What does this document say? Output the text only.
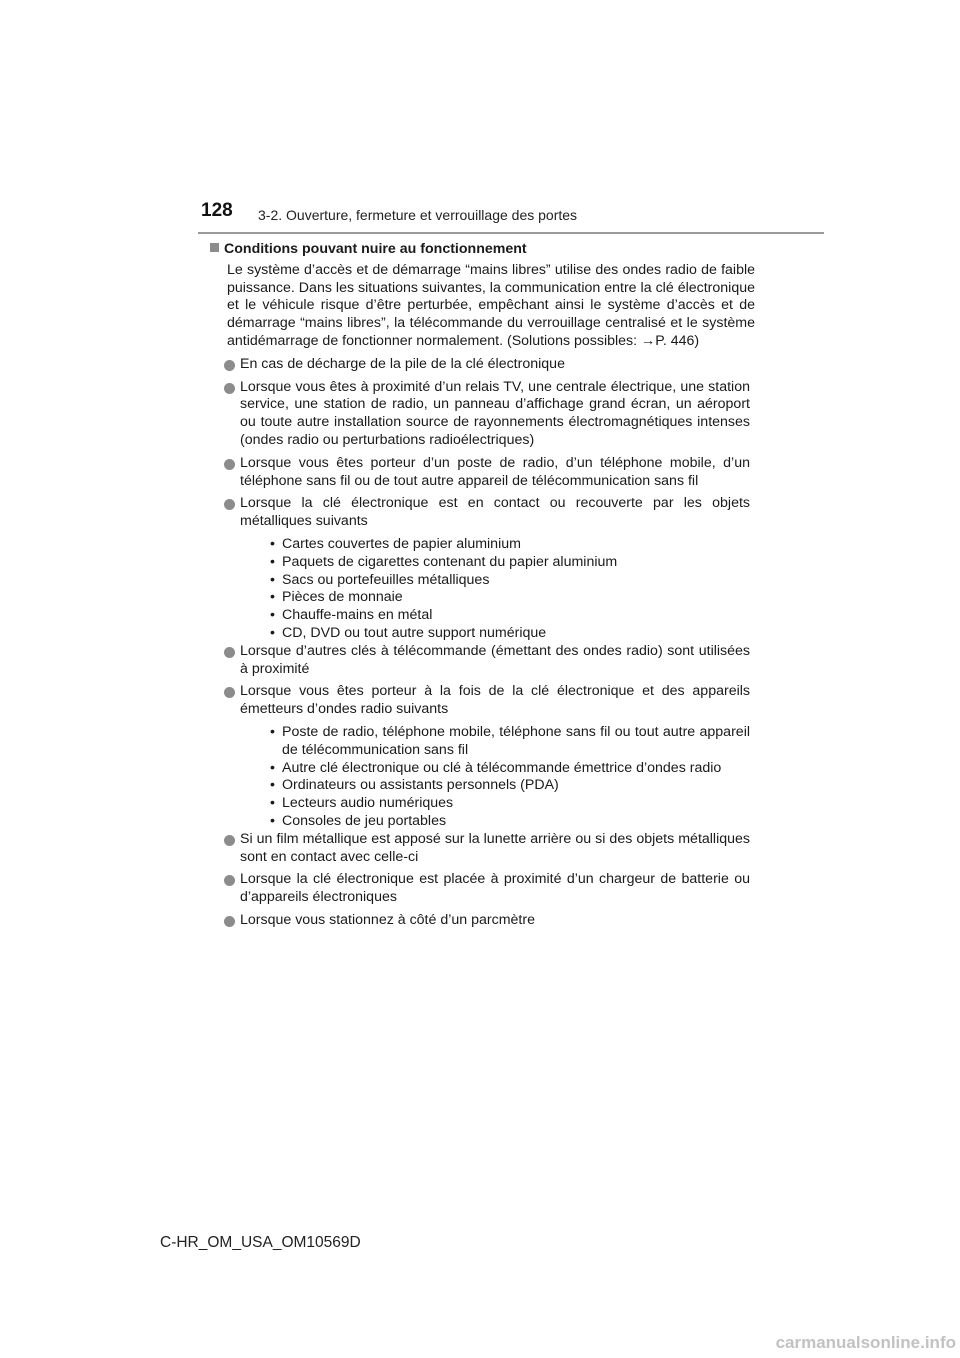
128 3-2. Ouverture, fermeture et verrouillage des portes
Conditions pouvant nuire au fonctionnement
Le système d’accès et de démarrage “mains libres” utilise des ondes radio de faible puissance. Dans les situations suivantes, la communication entre la clé électronique et le véhicule risque d’être perturbée, empêchant ainsi le système d’accès et de démarrage “mains libres”, la télécommande du verrouillage centralisé et le système antidémarrage de fonctionner normalement. (Solutions possibles: →P. 446)
En cas de décharge de la pile de la clé électronique
Lorsque vous êtes à proximité d’un relais TV, une centrale électrique, une station service, une station de radio, un panneau d’affichage grand écran, un aéroport ou toute autre installation source de rayonnements électromagnétiques intenses (ondes radio ou perturbations radioélectriques)
Lorsque vous êtes porteur d’un poste de radio, d’un téléphone mobile, d’un téléphone sans fil ou de tout autre appareil de télécommunication sans fil
Lorsque la clé électronique est en contact ou recouverte par les objets métalliques suivants
• Cartes couvertes de papier aluminium
• Paquets de cigarettes contenant du papier aluminium
• Sacs ou portefeuilles métalliques
• Pièces de monnaie
• Chauffe-mains en métal
• CD, DVD ou tout autre support numérique
Lorsque d’autres clés à télécommande (émettant des ondes radio) sont utilisées à proximité
Lorsque vous êtes porteur à la fois de la clé électronique et des appareils émetteurs d’ondes radio suivants
• Poste de radio, téléphone mobile, téléphone sans fil ou tout autre appareil de télécommunication sans fil
• Autre clé électronique ou clé à télécommande émettrice d’ondes radio
• Ordinateurs ou assistants personnels (PDA)
• Lecteurs audio numériques
• Consoles de jeu portables
Si un film métallique est apposé sur la lunette arrière ou si des objets métalliques sont en contact avec celle-ci
Lorsque la clé électronique est placée à proximité d’un chargeur de batterie ou d’appareils électroniques
Lorsque vous stationnez à côté d’un parcmètre
C-HR_OM_USA_OM10569D
carmanualsonline.info
